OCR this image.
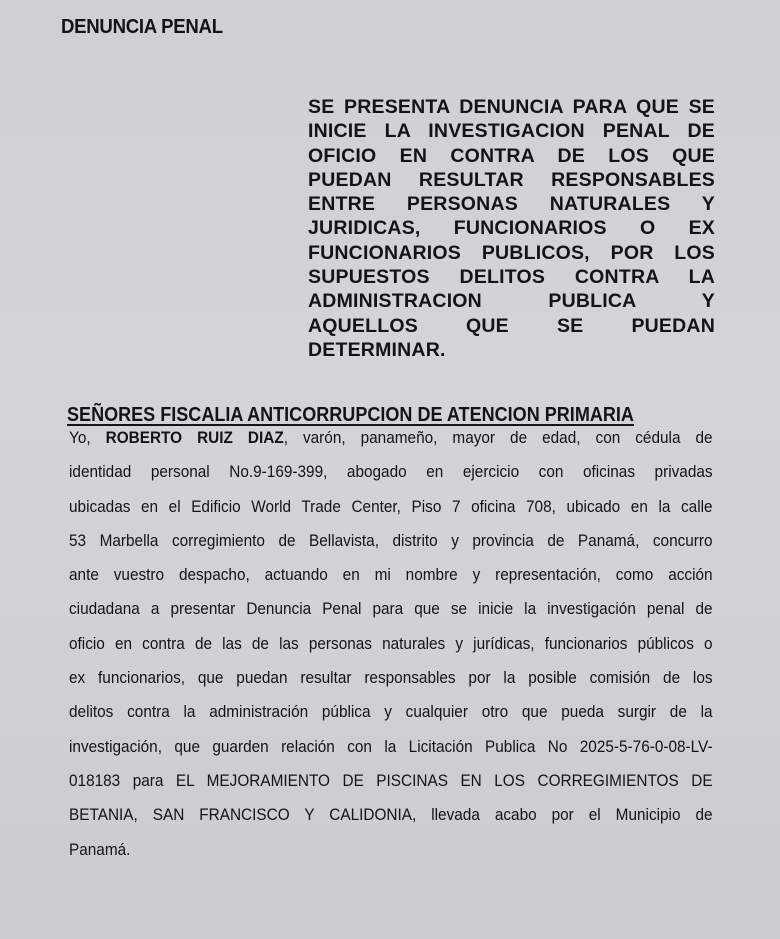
DENUNCIA PENAL
SE PRESENTA DENUNCIA PARA QUE SE
INICIE LA INVESTIGACION PENAL DE
OFICIO EN CONTRA DE LOS QUE
PUEDAN RESULTAR RESPONSABLES
ENTRE PERSONAS NATURALES Y
JURIDICAS, FUNCIONARIOS O EX
FUNCIONARIOS PUBLICOS, POR LOS
SUPUESTOS DELITOS CONTRA LA
ADMINISTRACION PUBLICA Y
AQUELLOS QUE SE PUEDAN
DETERMINAR.
SEÑORES FISCALIA ANTICORRUPCION DE ATENCION PRIMARIA
Yo, ROBERTO RUIZ DIAZ, varón, panameño, mayor de edad, con cédula de
identidad personal No.9-169-399, abogado en ejercicio con oficinas privadas
ubicadas en el Edificio World Trade Center, Piso 7 oficina 708, ubicado en la calle
53 Marbella corregimiento de Bellavista, distrito y provincia de Panamá, concurro
ante vuestro despacho, actuando en mi nombre y representación, como acción
ciudadana a presentar Denuncia Penal para que se inicie la investigación penal de
oficio en contra de las de las personas naturales y jurídicas, funcionarios públicos o
ex funcionarios, que puedan resultar responsables por la posible comisión de los
delitos contra la administración pública y cualquier otro que pueda surgir de la
investigación, que guarden relación con la Licitación Publica No 2025-5-76-0-08-LV-
018183 para EL MEJORAMIENTO DE PISCINAS EN LOS CORREGIMIENTOS DE
BETANIA, SAN FRANCISCO Y CALIDONIA, llevada acabo por el Municipio de
Panamá.
